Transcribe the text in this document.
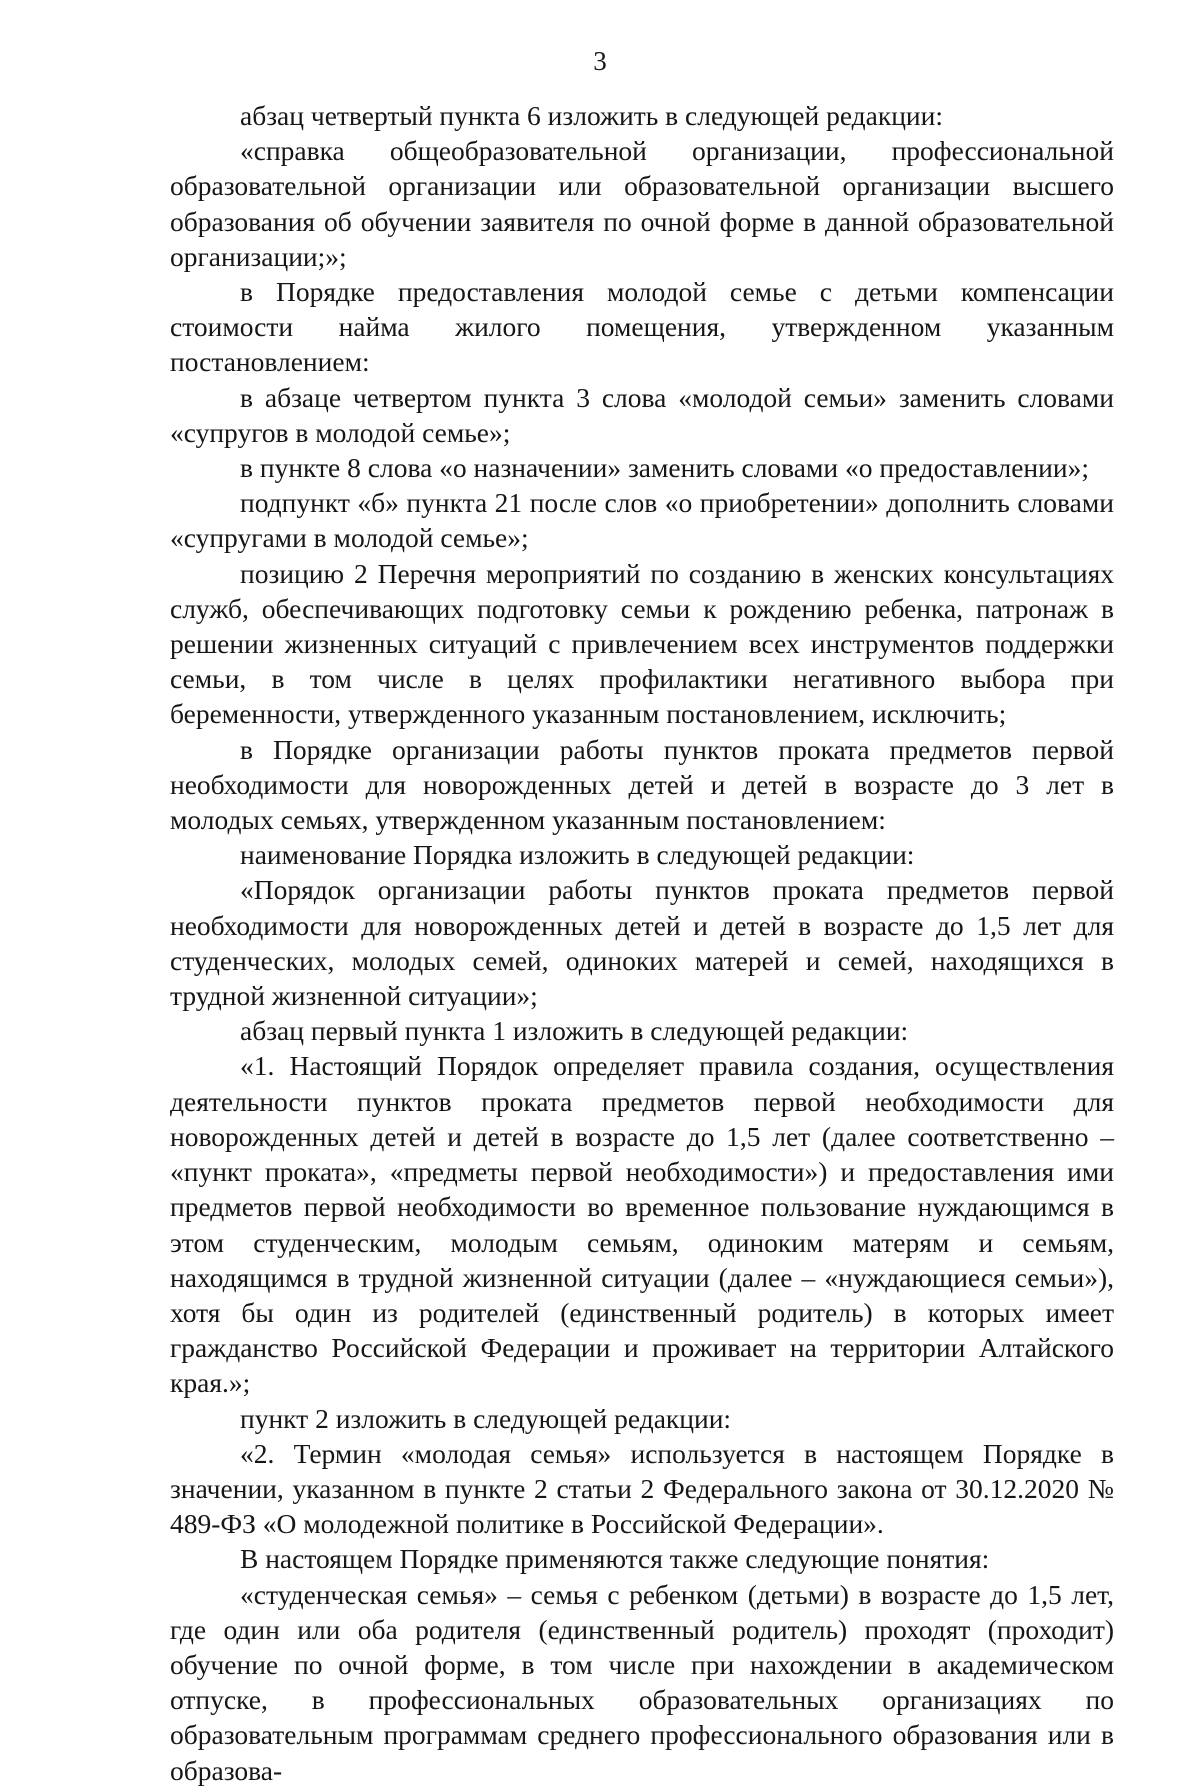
3

абзац четвертый пункта 6 изложить в следующей редакции:

«справка общеобразовательной организации, профессиональной образовательной организации или образовательной организации высшего образования об обучении заявителя по очной форме в данной образовательной организации;»;

в Порядке предоставления молодой семье с детьми компенсации стоимости найма жилого помещения, утвержденном указанным постановлением:

в абзаце четвертом пункта 3 слова «молодой семьи» заменить словами «супругов в молодой семье»;

в пункте 8 слова «о назначении» заменить словами «о предоставлении»;

подпункт «б» пункта 21 после слов «о приобретении» дополнить словами «супругами в молодой семье»;

позицию 2 Перечня мероприятий по созданию в женских консультациях служб, обеспечивающих подготовку семьи к рождению ребенка, патронаж в решении жизненных ситуаций с привлечением всех инструментов поддержки семьи, в том числе в целях профилактики негативного выбора при беременности, утвержденного указанным постановлением, исключить;

в Порядке организации работы пунктов проката предметов первой необходимости для новорожденных детей и детей в возрасте до 3 лет в молодых семьях, утвержденном указанным постановлением:

наименование Порядка изложить в следующей редакции:

«Порядок организации работы пунктов проката предметов первой необходимости для новорожденных детей и детей в возрасте до 1,5 лет для студенческих, молодых семей, одиноких матерей и семей, находящихся в трудной жизненной ситуации»;

абзац первый пункта 1 изложить в следующей редакции:

«1. Настоящий Порядок определяет правила создания, осуществления деятельности пунктов проката предметов первой необходимости для новорожденных детей и детей в возрасте до 1,5 лет (далее соответственно – «пункт проката», «предметы первой необходимости») и предоставления ими предметов первой необходимости во временное пользование нуждающимся в этом студенческим, молодым семьям, одиноким матерям и семьям, находящимся в трудной жизненной ситуации (далее – «нуждающиеся семьи»), хотя бы один из родителей (единственный родитель) в которых имеет гражданство Российской Федерации и проживает на территории Алтайского края.»;

пункт 2 изложить в следующей редакции:

«2. Термин «молодая семья» используется в настоящем Порядке в значении, указанном в пункте 2 статьи 2 Федерального закона от 30.12.2020 № 489-ФЗ «О молодежной политике в Российской Федерации».

В настоящем Порядке применяются также следующие понятия:

«студенческая семья» – семья с ребенком (детьми) в возрасте до 1,5 лет, где один или оба родителя (единственный родитель) проходят (проходит) обучение по очной форме, в том числе при нахождении в академическом отпуске, в профессиональных образовательных организациях по образовательным программам среднего профессионального образования или в образова-
